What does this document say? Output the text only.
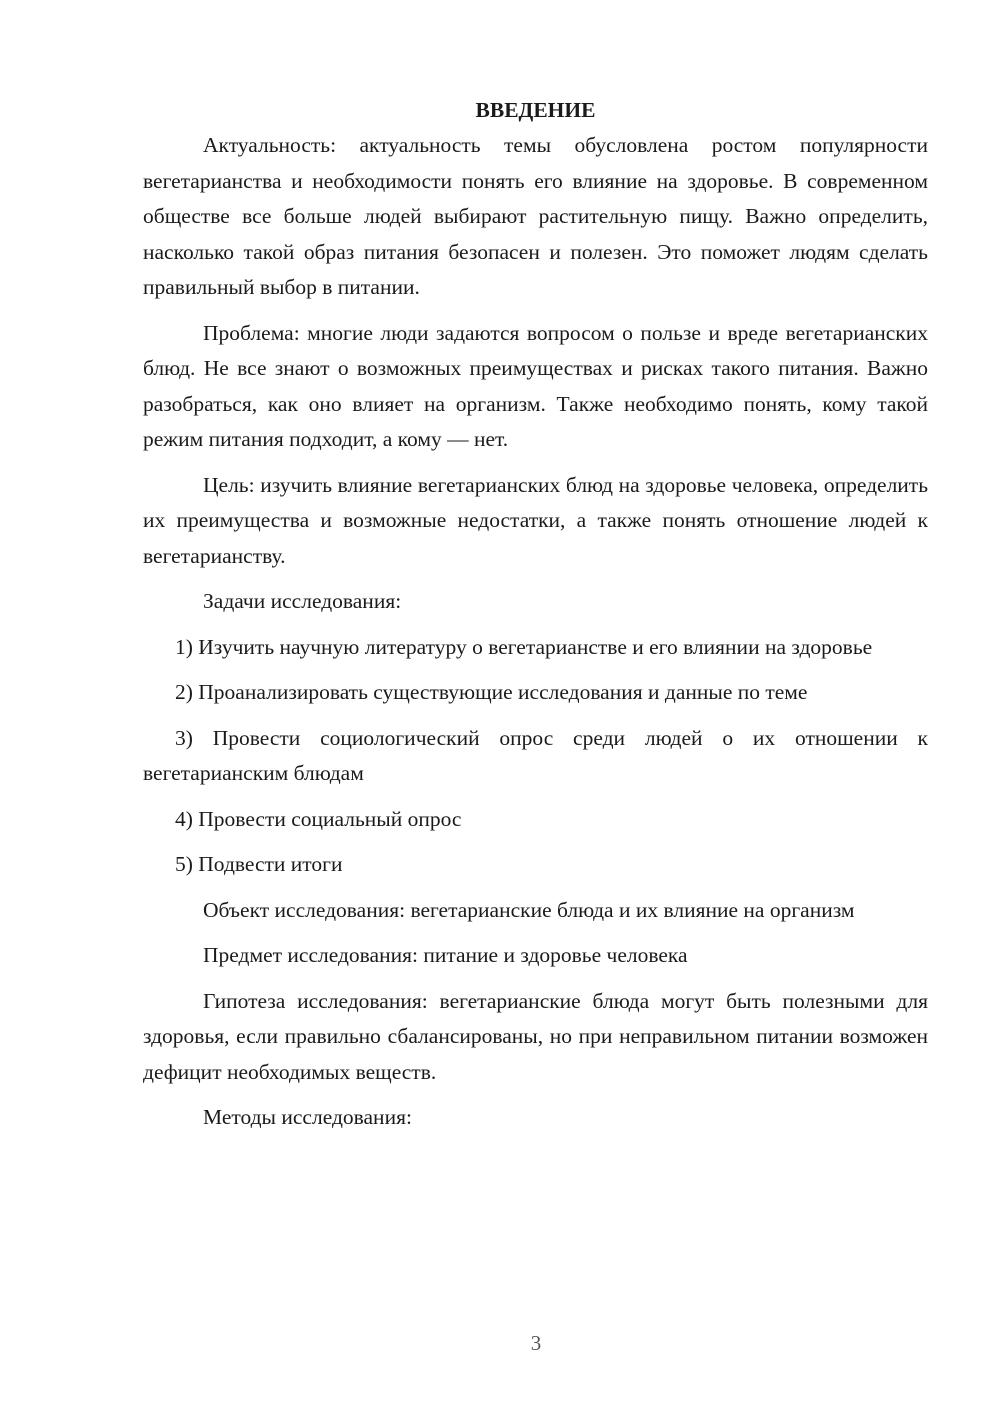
ВВЕДЕНИЕ

Актуальность: актуальность темы обусловлена ростом популярности вегетарианства и необходимости понять его влияние на здоровье. В современном обществе все больше людей выбирают растительную пищу. Важно определить, насколько такой образ питания безопасен и полезен. Это поможет людям сделать правильный выбор в питании.

Проблема: многие люди задаются вопросом о пользе и вреде вегетарианских блюд. Не все знают о возможных преимуществах и рисках такого питания. Важно разобраться, как оно влияет на организм. Также необходимо понять, кому такой режим питания подходит, а кому — нет.

Цель: изучить влияние вегетарианских блюд на здоровье человека, определить их преимущества и возможные недостатки, а также понять отношение людей к вегетарианству.

Задачи исследования:

1) Изучить научную литературу о вегетарианстве и его влиянии на здоровье

2) Проанализировать существующие исследования и данные по теме

3) Провести социологический опрос среди людей о их отношении к вегетарианским блюдам

4) Провести социальный опрос

5) Подвести итоги

Объект исследования: вегетарианские блюда и их влияние на организм

Предмет исследования: питание и здоровье человека

Гипотеза исследования: вегетарианские блюда могут быть полезными для здоровья, если правильно сбалансированы, но при неправильном питании возможен дефицит необходимых веществ.

Методы исследования:

3
